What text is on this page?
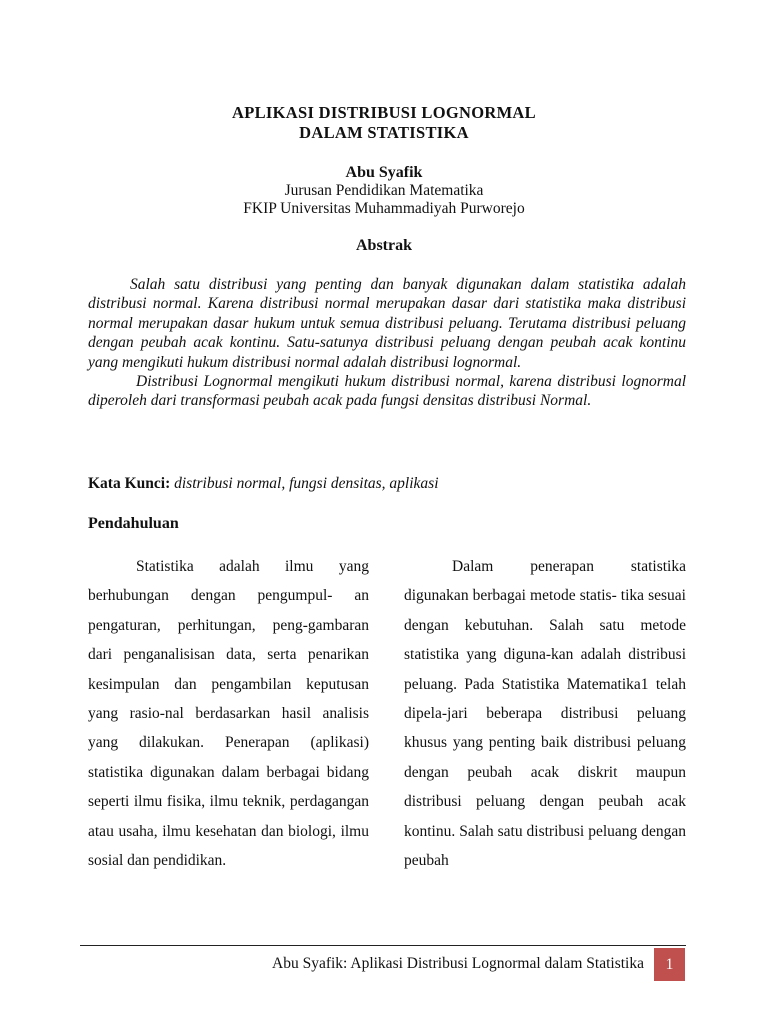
APLIKASI DISTRIBUSI LOGNORMAL
DALAM STATISTIKA
Abu Syafik
Jurusan Pendidikan Matematika
FKIP Universitas Muhammadiyah Purworejo
Abstrak

Salah satu distribusi yang penting dan banyak digunakan dalam statistika adalah distribusi normal. Karena distribusi normal merupakan dasar dari statistika maka distribusi normal merupakan dasar hukum untuk semua distribusi peluang. Terutama distribusi peluang dengan peubah acak kontinu. Satu-satunya distribusi peluang dengan peubah acak kontinu yang mengikuti hukum distribusi normal adalah distribusi lognormal.

Distribusi Lognormal mengikuti hukum distribusi normal, karena distribusi lognormal diperoleh dari transformasi peubah acak pada fungsi densitas distribusi Normal.

Kata Kunci: distribusi normal, fungsi densitas, aplikasi
Pendahuluan

Statistika adalah ilmu yang berhubungan dengan pengumpul- an pengaturan, perhitungan, peng-gambaran dari penganalisisan data, serta penarikan kesimpulan dan pengambilan keputusan yang rasio-nal berdasarkan hasil analisis yang dilakukan. Penerapan (aplikasi) statistika digunakan dalam berbagai bidang seperti ilmu fisika, ilmu teknik, perdagangan atau usaha, ilmu kesehatan dan biologi, ilmu sosial dan pendidikan.

Dalam penerapan statistika digunakan berbagai metode statis- tika sesuai dengan kebutuhan. Salah satu metode statistika yang diguna-kan adalah distribusi peluang. Pada Statistika Matematika1 telah dipela-jari beberapa distribusi peluang khusus yang penting baik distribusi peluang dengan peubah acak diskrit maupun distribusi peluang dengan peubah acak kontinu. Salah satu distribusi peluang dengan peubah

Abu Syafik: Aplikasi Distribusi Lognormal dalam Statistika	1
